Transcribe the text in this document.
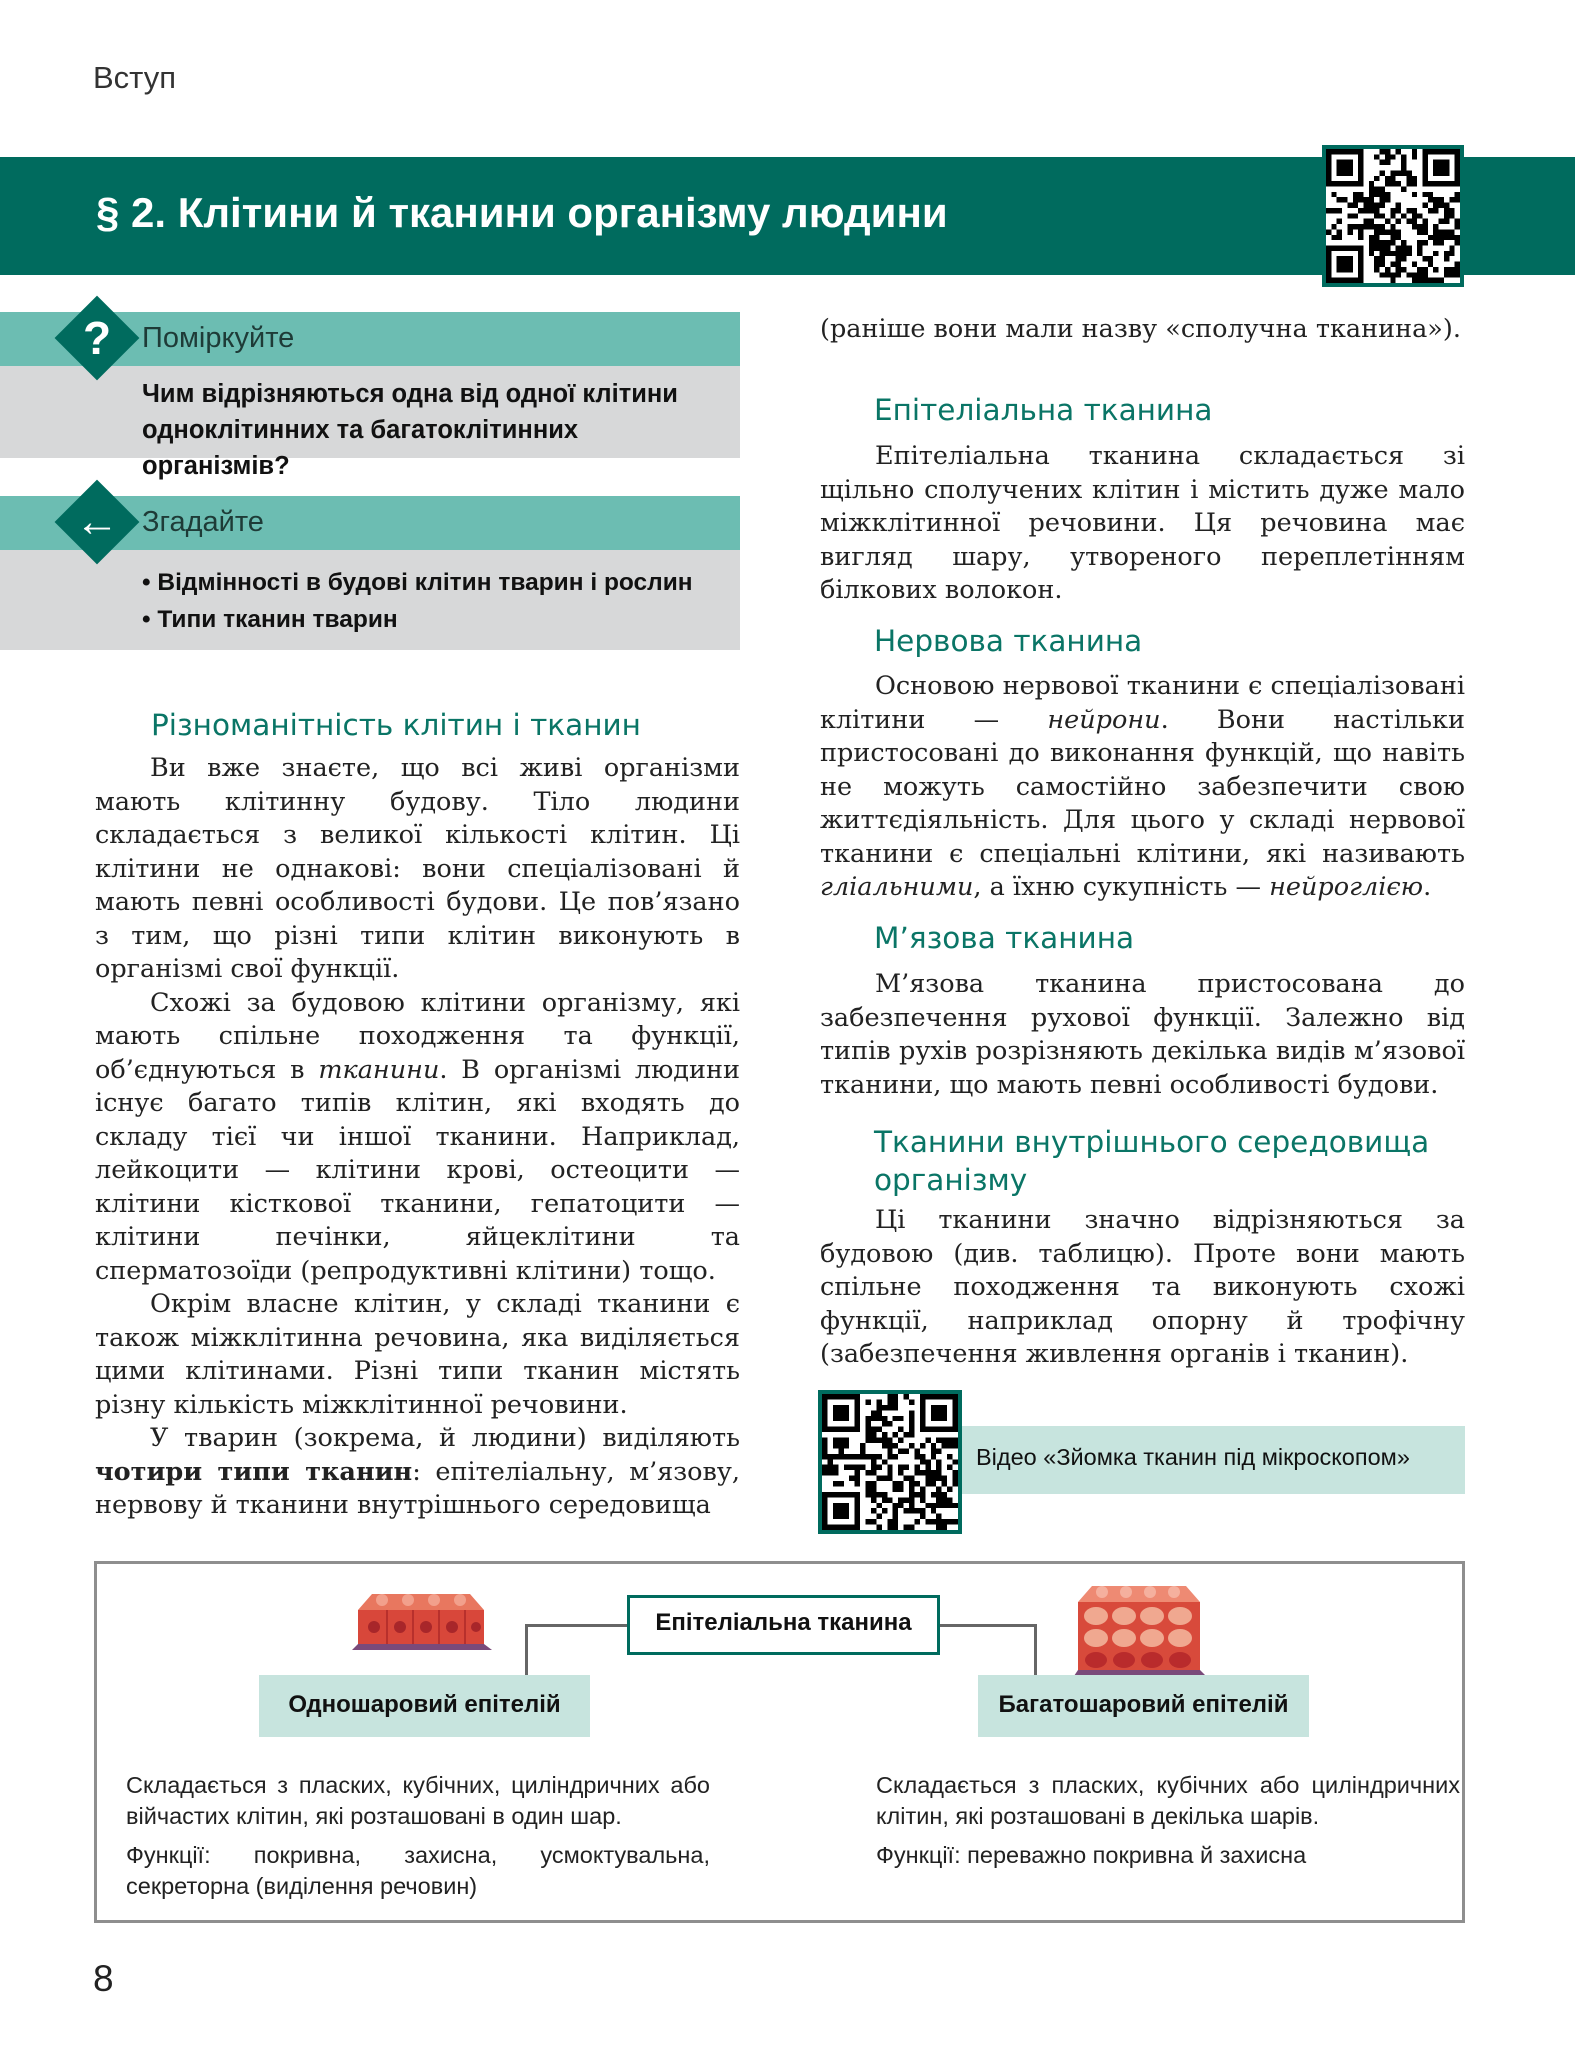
Вступ
§ 2. Клітини й тканини організму людини
?	Поміркуйте
Чим відрізняються одна від одної клітини одноклітинних та багатоклітинних організмів?
← Згадайте
• Відмінності в будові клітин тварин і рослин
• Типи тканин тварин
Різноманітність клітин і тканин

Ви вже знаєте, що всі живі організми мають клітинну будову. Тіло людини складається з великої кількості клітин. Ці клітини не однакові: вони спеціалізовані й мають певні особливості будови. Це пов’язано з тим, що різні типи клітин виконують в організмі свої функції.

Схожі за будовою клітини організму, які мають спільне походження та функції, об’єднуються в тканини. В організмі людини існує багато типів клітин, які входять до складу тієї чи іншої тканини. Наприклад, лейкоцити — клітини крові, остеоцити — клітини кісткової тканини, гепатоцити — клітини печінки, яйцеклітини та сперматозоїди (репродуктивні клітини) тощо.

Окрім власне клітин, у складі тканини є також міжклітинна речовина, яка виділяється цими клітинами. Різні типи тканин містять різну кількість міжклітинної речовини.

У тварин (зокрема, й людини) виділяють чотири типи тканин: епітеліальну, м’язову, нервову й тканини внутрішнього середовища

(раніше вони мали назву «сполучна тканина»).

Епітеліальна тканина

Епітеліальна тканина складається зі щільно сполучених клітин і містить дуже мало міжклітинної речовини. Ця речовина має вигляд шару, утвореного переплетінням білкових волокон.

Нервова тканина

Основою нервової тканини є спеціалізовані клітини — нейрони. Вони настільки пристосовані до виконання функцій, що навіть не можуть самостійно забезпечити свою життєдіяльність. Для цього у складі нервової тканини є спеціальні клітини, які називають гліальними, а їхню сукупність — нейроглією.

М’язова тканина

М’язова тканина пристосована до забезпечення рухової функції. Залежно від типів рухів розрізняють декілька видів м’язової тканини, що мають певні особливості будови.

Тканини внутрішнього середовища
організму

Ці тканини значно відрізняються за будовою (див. таблицю). Проте вони мають спільне походження та виконують схожі функції, наприклад опорну й трофічну (забезпечення живлення органів і тканин).

Відео «Зйомка тканин під мікроскопом»
Епітеліальна тканина
Одношаровий епітелій	Багатошаровий епітелій

Складається з пласких, кубічних, циліндричних або війчастих клітин, які розташовані в один шар.

Функції: покривна, захисна, усмоктувальна, секреторна (виділення речовин)

Складається з пласких, кубічних або циліндричних клітин, які розташовані в декілька шарів.

Функції: переважно покривна й захисна

8
